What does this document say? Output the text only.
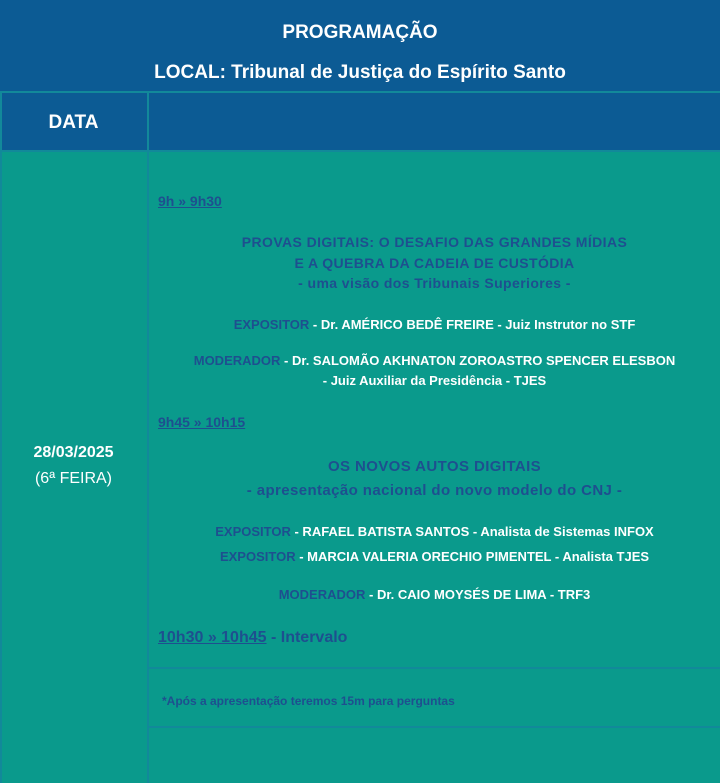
PROGRAMAÇÃO
LOCAL: Tribunal de Justiça do Espírito Santo
DATA
28/03/2025
(6ª FEIRA)
9h » 9h30
PROVAS DIGITAIS: O DESAFIO DAS GRANDES MÍDIAS
E A QUEBRA DA CADEIA DE CUSTÓDIA
- uma visão dos Tribunais Superiores -
EXPOSITOR - Dr. AMÉRICO BEDÊ FREIRE - Juiz Instrutor no STF
MODERADOR - Dr. SALOMÃO AKHNATON ZOROASTRO SPENCER ELESBON
- Juiz Auxiliar da Presidência - TJES
9h45 » 10h15
OS NOVOS AUTOS DIGITAIS
- apresentação nacional do novo modelo do CNJ -
EXPOSITOR - RAFAEL BATISTA SANTOS - Analista de Sistemas INFOX
EXPOSITOR - MARCIA VALERIA ORECHIO PIMENTEL - Analista TJES
MODERADOR - Dr. CAIO MOYSÉS DE LIMA - TRF3
10h30 » 10h45 - Intervalo
*Após a apresentação teremos 15m para perguntas
